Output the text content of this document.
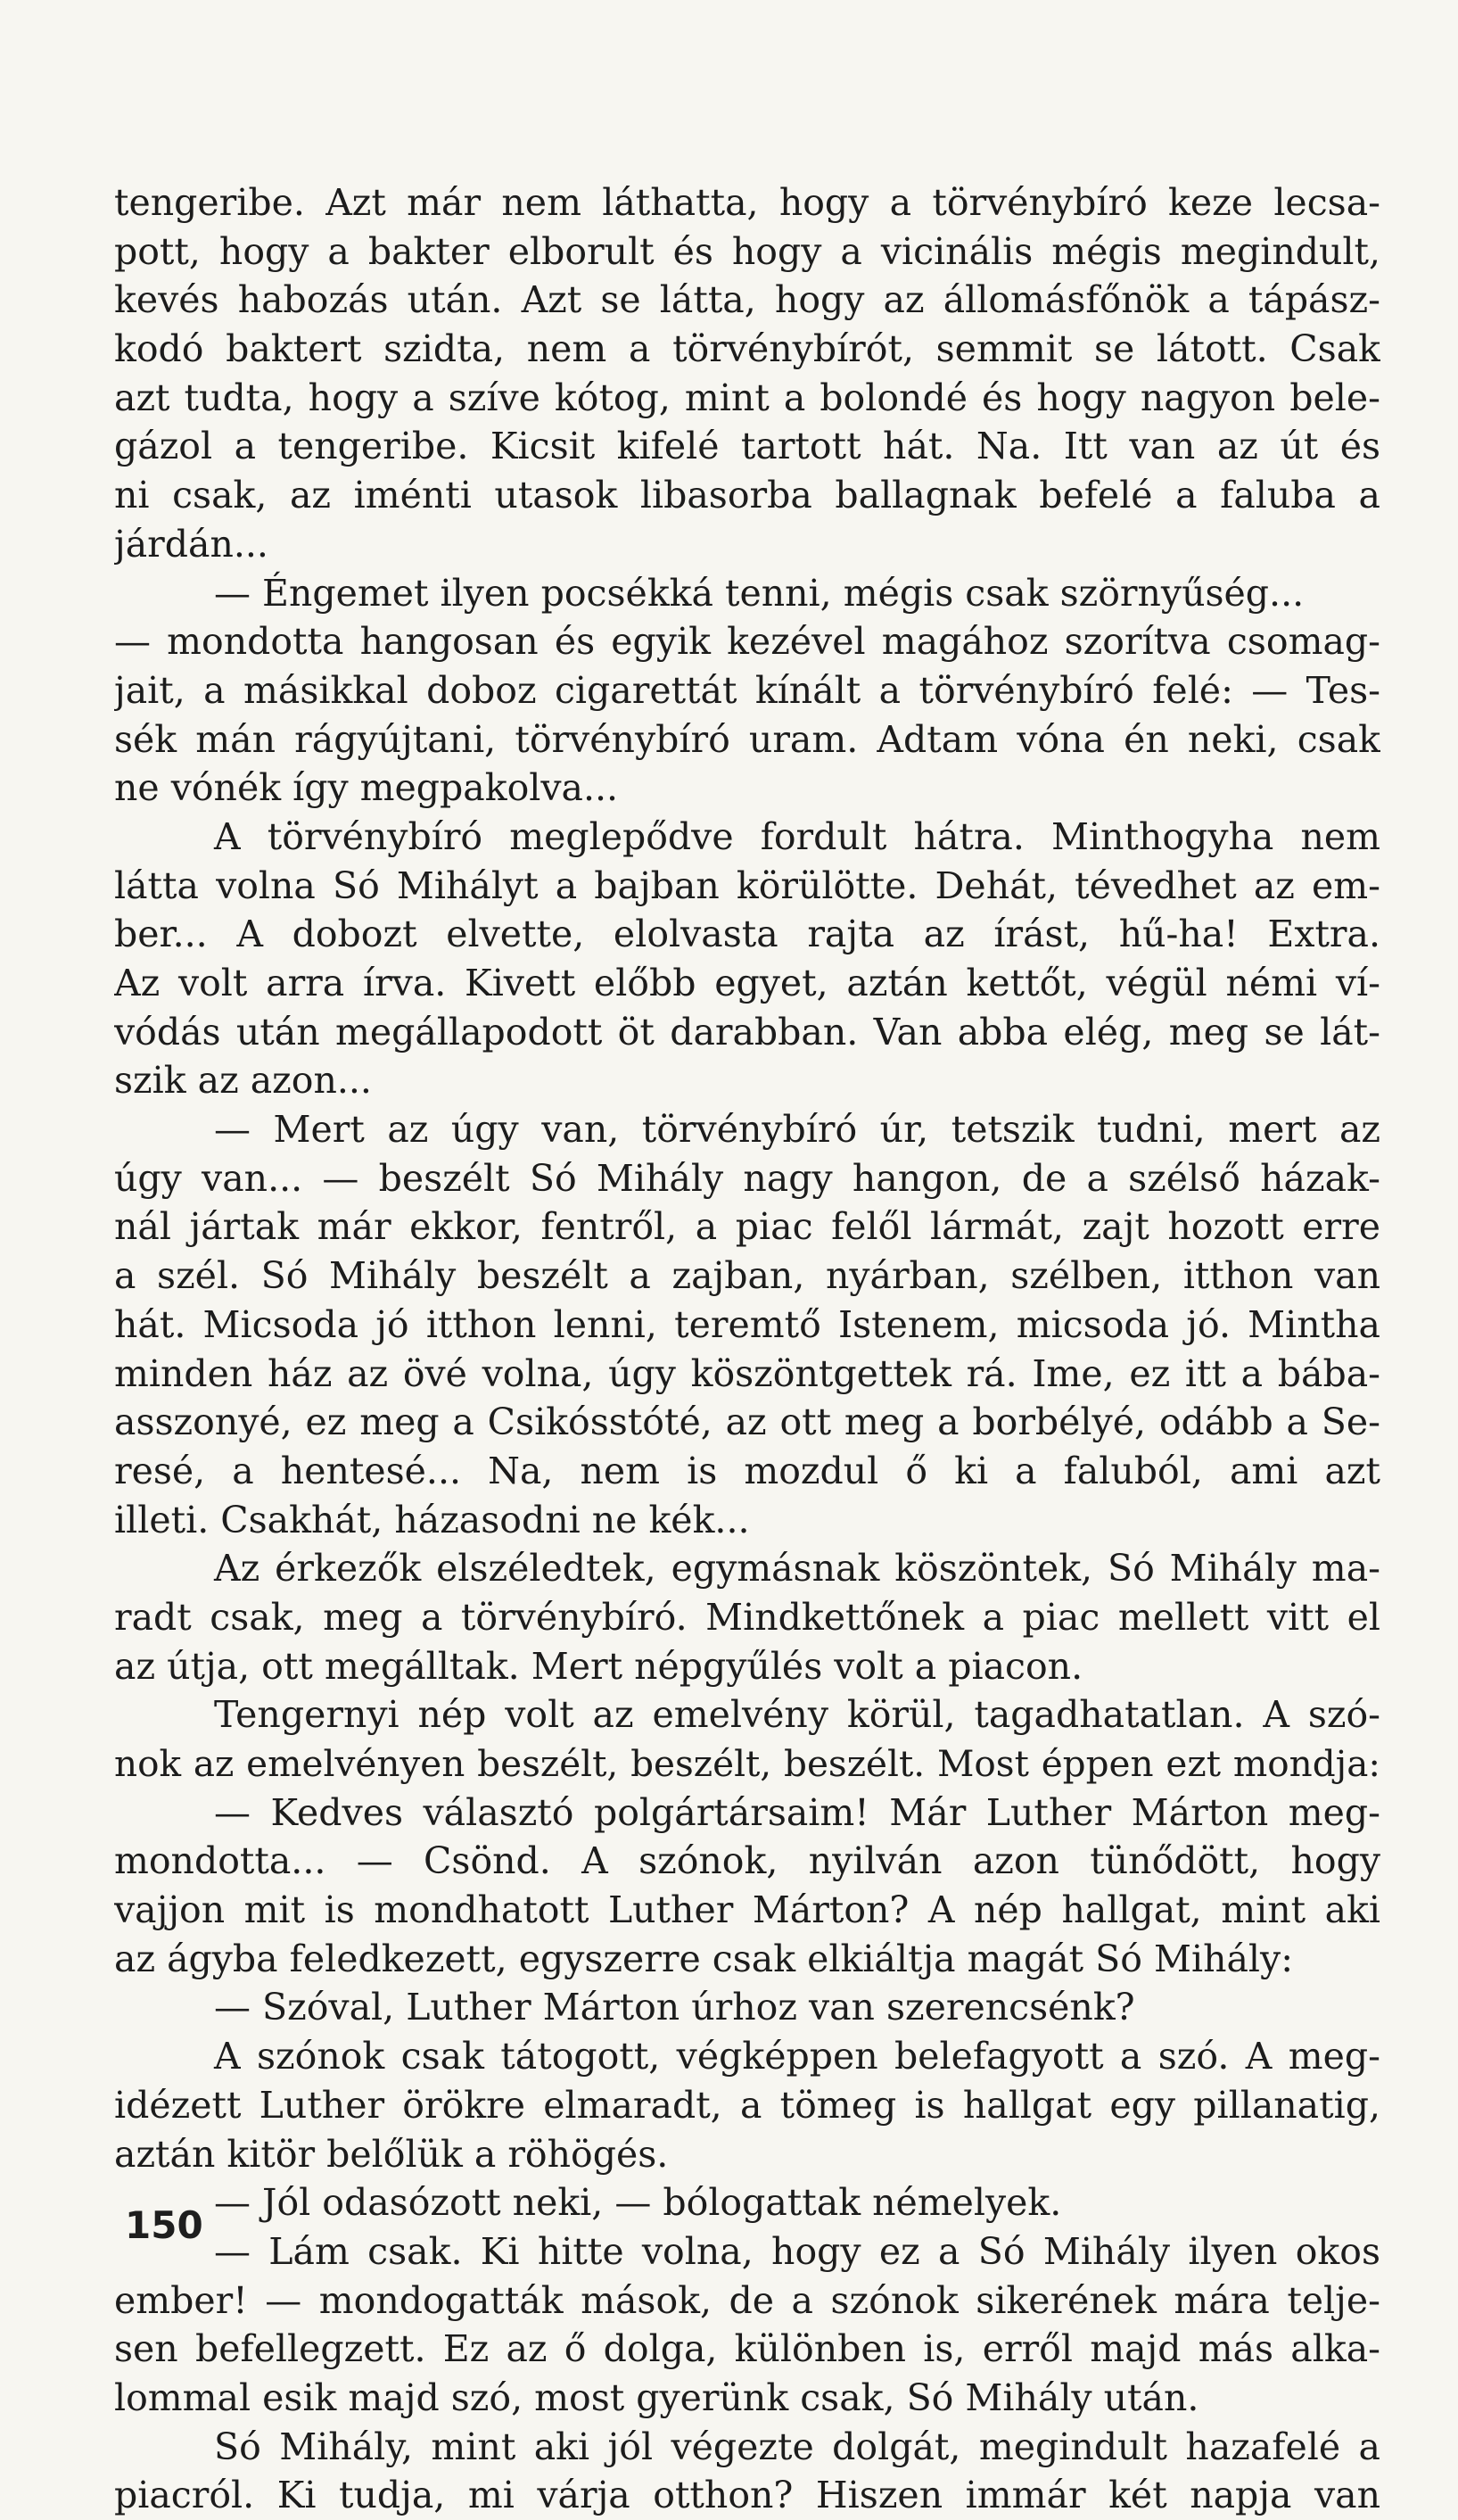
tengeribe. Azt már nem láthatta, hogy a törvénybíró keze lecsa-
pott, hogy a bakter elborult és hogy a vicinális mégis megindult,
kevés habozás után. Azt se látta, hogy az állomásfőnök a tápász-
kodó baktert szidta, nem a törvénybírót, semmit se látott. Csak
azt tudta, hogy a szíve kótog, mint a bolondé és hogy nagyon bele-
gázol a tengeribe. Kicsit kifelé tartott hát. Na. Itt van az út és
ni csak, az iménti utasok libasorba ballagnak befelé a faluba a
járdán...
— Éngemet ilyen pocsékká tenni, mégis csak szörnyűség...
— mondotta hangosan és egyik kezével magához szorítva csomag-
jait, a másikkal doboz cigarettát kínált a törvénybíró felé: — Tes-
sék mán rágyújtani, törvénybíró uram. Adtam vóna én neki, csak
ne vónék így megpakolva...
A törvénybíró meglepődve fordult hátra. Minthogyha nem
látta volna Só Mihályt a bajban körülötte. Dehát, tévedhet az em-
ber... A dobozt elvette, elolvasta rajta az írást, hű-ha! Extra.
Az volt arra írva. Kivett előbb egyet, aztán kettőt, végül némi ví-
vódás után megállapodott öt darabban. Van abba elég, meg se lát-
szik az azon...
— Mert az úgy van, törvénybíró úr, tetszik tudni, mert az
úgy van... — beszélt Só Mihály nagy hangon, de a szélső házak-
nál jártak már ekkor, fentről, a piac felől lármát, zajt hozott erre
a szél. Só Mihály beszélt a zajban, nyárban, szélben, itthon van
hát. Micsoda jó itthon lenni, teremtő Istenem, micsoda jó. Mintha
minden ház az övé volna, úgy köszöntgettek rá. Ime, ez itt a bába-
asszonyé, ez meg a Csikósstóté, az ott meg a borbélyé, odább a Se-
resé, a hentesé... Na, nem is mozdul ő ki a faluból, ami azt
illeti. Csakhát, házasodni ne kék...
Az érkezők elszéledtek, egymásnak köszöntek, Só Mihály ma-
radt csak, meg a törvénybíró. Mindkettőnek a piac mellett vitt el
az útja, ott megálltak. Mert népgyűlés volt a piacon.
Tengernyi nép volt az emelvény körül, tagadhatatlan. A szó-
nok az emelvényen beszélt, beszélt, beszélt. Most éppen ezt mondja:
— Kedves választó polgártársaim! Már Luther Márton meg-
mondotta... — Csönd. A szónok, nyilván azon tünődött, hogy
vajjon mit is mondhatott Luther Márton? A nép hallgat, mint aki
az ágyba feledkezett, egyszerre csak elkiáltja magát Só Mihály:
— Szóval, Luther Márton úrhoz van szerencsénk?
A szónok csak tátogott, végképpen belefagyott a szó. A meg-
idézett Luther örökre elmaradt, a tömeg is hallgat egy pillanatig,
aztán kitör belőlük a röhögés.
— Jól odasózott neki, — bólogattak némelyek.
— Lám csak. Ki hitte volna, hogy ez a Só Mihály ilyen okos
ember! — mondogatták mások, de a szónok sikerének mára telje-
sen befellegzett. Ez az ő dolga, különben is, erről majd más alka-
lommal esik majd szó, most gyerünk csak, Só Mihály után.
Só Mihály, mint aki jól végezte dolgát, megindult hazafelé a
piacról. Ki tudja, mi várja otthon? Hiszen immár két napja van
150
